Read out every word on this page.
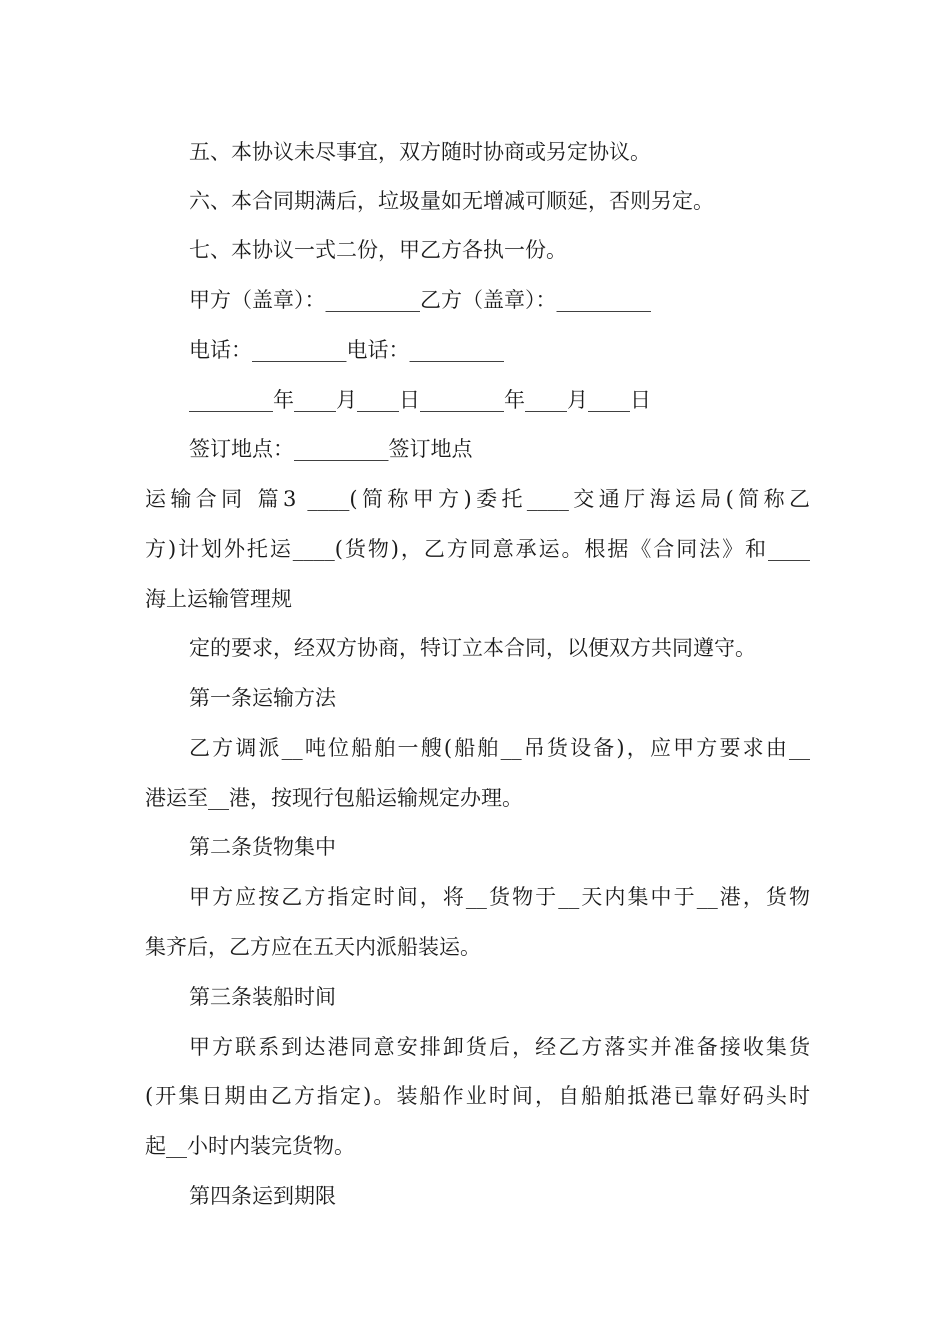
五、本协议未尽事宜，双方随时协商或另定协议。
六、本合同期满后，垃圾量如无增减可顺延，否则另定。
七、本协议一式二份，甲乙方各执一份。
甲方（盖章）：_________乙方（盖章）：_________
电话：_________电话：_________
________年____月____日________年____月____日
签订地点：_________签订地点
运输合同 篇3 ____(简称甲方)委托____交通厅海运局(简称乙
方)计划外托运____(货物)，乙方同意承运。根据《合同法》和____
海上运输管理规
定的要求，经双方协商，特订立本合同，以便双方共同遵守。
第一条运输方法
乙方调派__吨位船舶一艘(船舶__吊货设备)，应甲方要求由__
港运至__港，按现行包船运输规定办理。
第二条货物集中
甲方应按乙方指定时间，将__货物于__天内集中于__港，货物
集齐后，乙方应在五天内派船装运。
第三条装船时间
甲方联系到达港同意安排卸货后，经乙方落实并准备接收集货
(开集日期由乙方指定)。装船作业时间，自船舶抵港已靠好码头时
起__小时内装完货物。
第四条运到期限
